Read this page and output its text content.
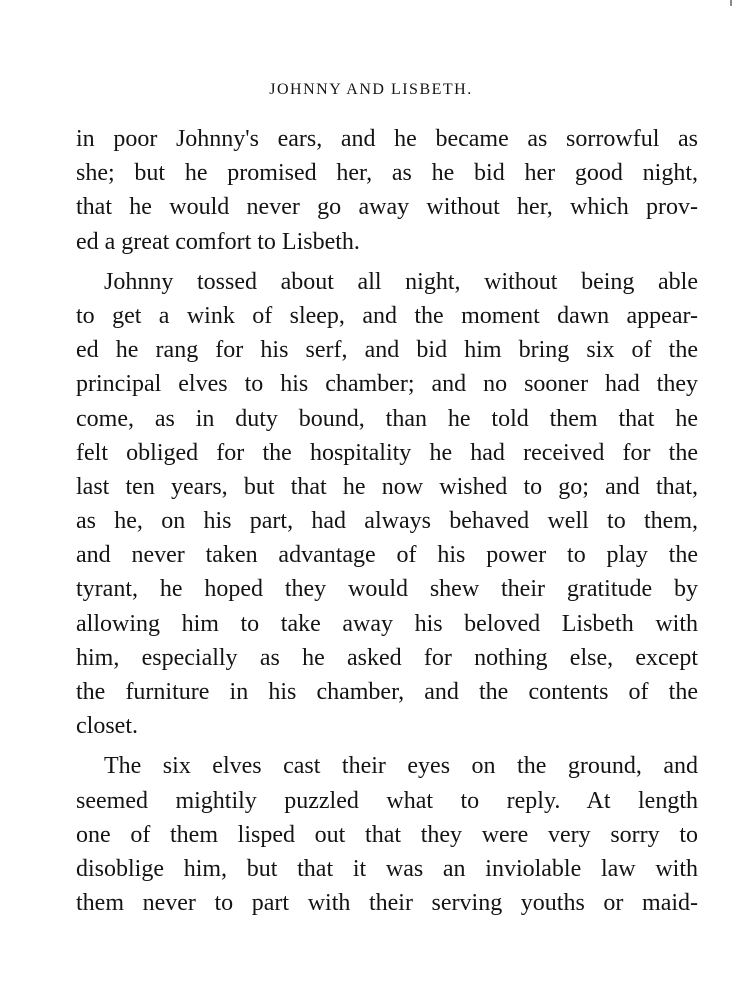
JOHNNY AND LISBETH.
in poor Johnny's ears, and he became as sorrowful as
she; but he promised her, as he bid her good night,
that he would never go away without her, which prov-
ed a great comfort to Lisbeth.
Johnny tossed about all night, without being able
to get a wink of sleep, and the moment dawn appear-
ed he rang for his serf, and bid him bring six of the
principal elves to his chamber; and no sooner had they
come, as in duty bound, than he told them that he
felt obliged for the hospitality he had received for the
last ten years, but that he now wished to go; and that,
as he, on his part, had always behaved well to them,
and never taken advantage of his power to play the
tyrant, he hoped they would shew their gratitude by
allowing him to take away his beloved Lisbeth with
him, especially as he asked for nothing else, except
the furniture in his chamber, and the contents of the
closet.
The six elves cast their eyes on the ground, and
seemed mightily puzzled what to reply. At length
one of them lisped out that they were very sorry to
disoblige him, but that it was an inviolable law with
them never to part with their serving youths or maid-
